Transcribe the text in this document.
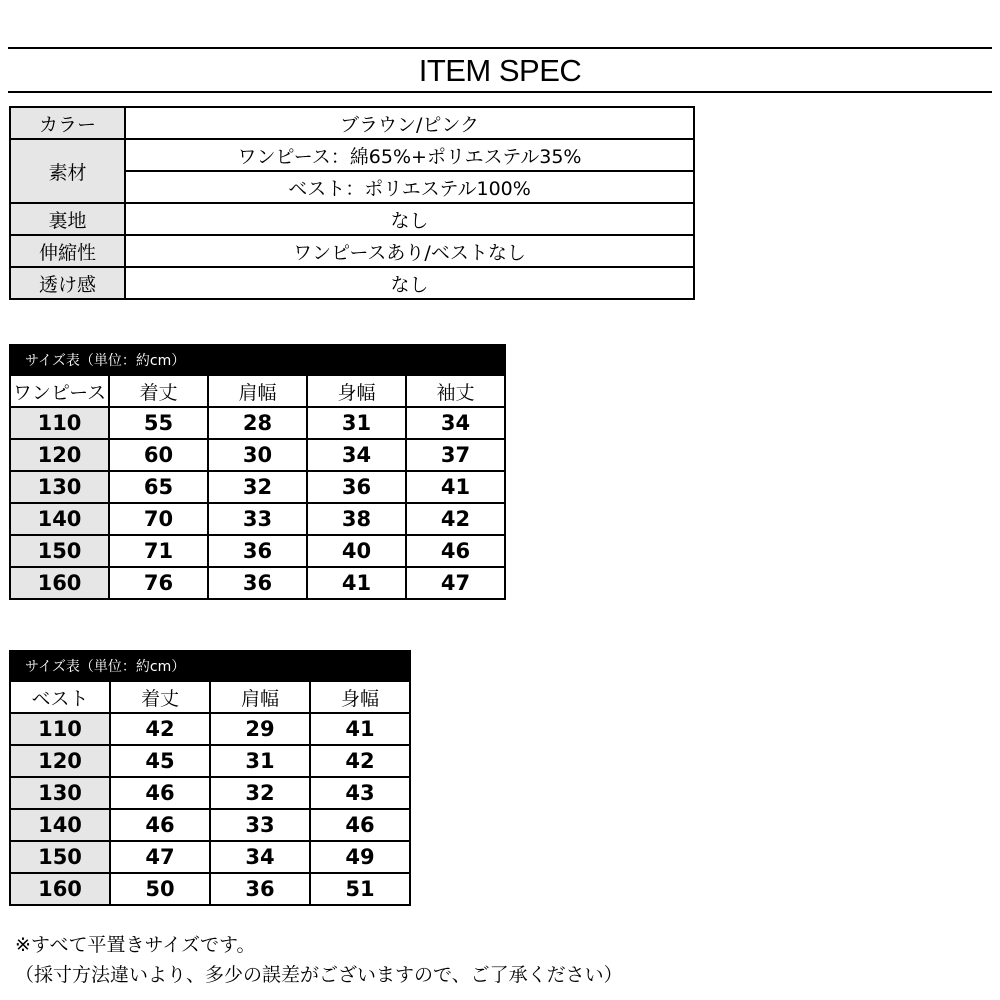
ITEM SPEC
カラー	ブラウン/ピンク
素材	ワンピース：綿65%+ポリエステル35%
	ベスト：ポリエステル100%
裏地	なし
伸縮性	ワンピースあり/ベストなし
透け感	なし
サイズ表（単位：約cm）				
ワンピース	着丈	肩幅	身幅	袖丈
110	55	28	31	34
120	60	30	34	37
130	65	32	36	41
140	70	33	38	42
150	71	36	40	46
160	76	36	41	47
サイズ表（単位：約cm）			
ベスト	着丈	肩幅	身幅
110	42	29	41
120	45	31	42
130	46	32	43
140	46	33	46
150	47	34	49
160	50	36	51
※すべて平置きサイズです。
（採寸方法違いより、多少の誤差がございますので、ご了承ください）
